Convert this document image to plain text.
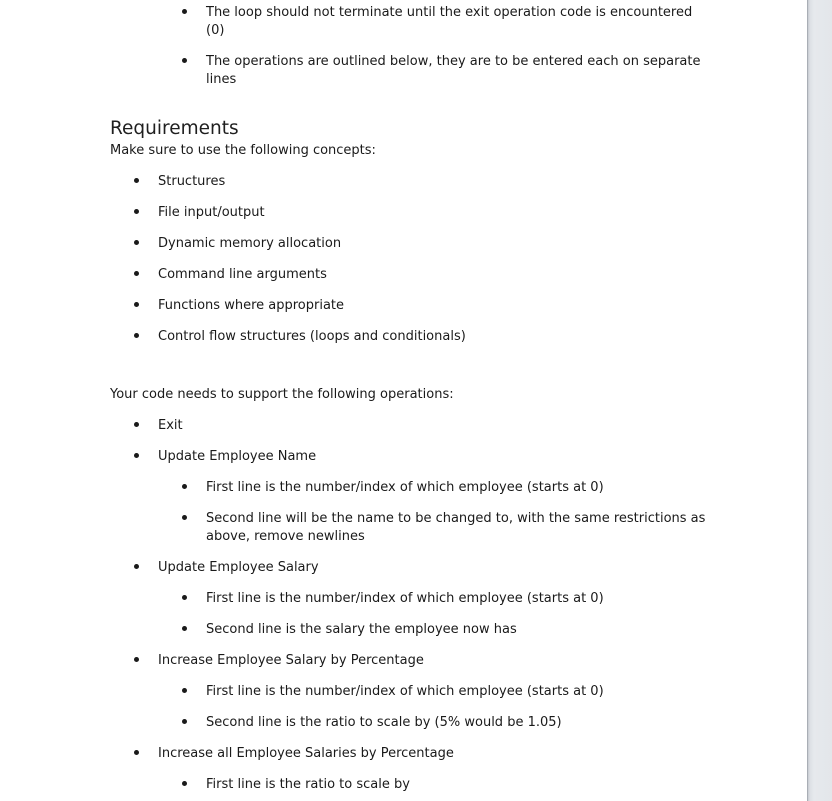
The loop should not terminate until the exit operation code is encountered
(0)
The operations are outlined below, they are to be entered each on separate
lines
Requirements
Make sure to use the following concepts:
Structures
File input/output
Dynamic memory allocation
Command line arguments
Functions where appropriate
Control flow structures (loops and conditionals)
Your code needs to support the following operations:
Exit
Update Employee Name
First line is the number/index of which employee (starts at 0)
Second line will be the name to be changed to, with the same restrictions as
above, remove newlines
Update Employee Salary
First line is the number/index of which employee (starts at 0)
Second line is the salary the employee now has
Increase Employee Salary by Percentage
First line is the number/index of which employee (starts at 0)
Second line is the ratio to scale by (5% would be 1.05)
Increase all Employee Salaries by Percentage
First line is the ratio to scale by
